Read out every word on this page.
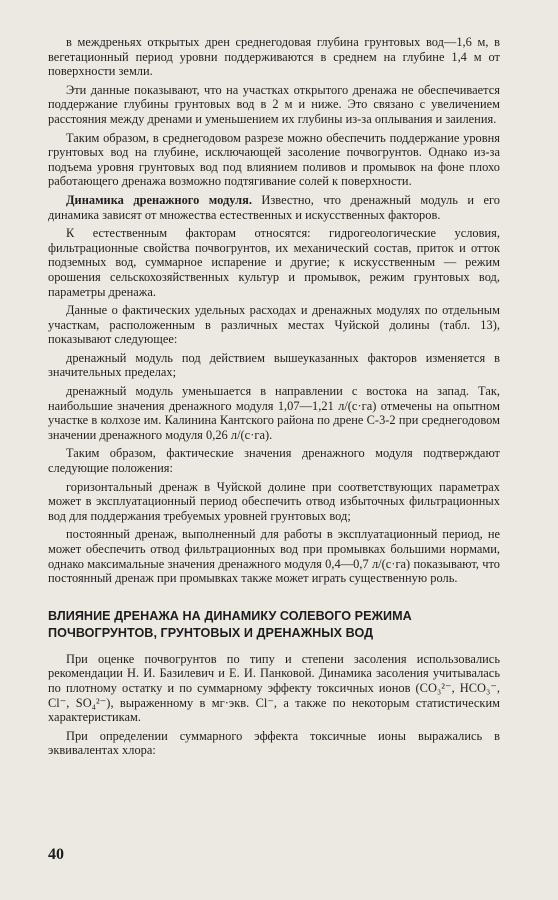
в междреньях открытых дрен среднегодовая глубина грунтовых вод—1,6 м, в вегетационный период уровни поддерживаются в среднем на глубине 1,4 м от поверхности земли.

Эти данные показывают, что на участках открытого дренажа не обеспечивается поддержание глубины грунтовых вод в 2 м и ниже. Это связано с увеличением расстояния между дренами и уменьшением их глубины из-за оплывания и заиления.

Таким образом, в среднегодовом разрезе можно обеспечить поддержание уровня грунтовых вод на глубине, исключающей засоление почвогрунтов. Однако из-за подъема уровня грунтовых вод под влиянием поливов и промывок на фоне плохо работающего дренажа возможно подтягивание солей к поверхности.

Динамика дренажного модуля. Известно, что дренажный модуль и его динамика зависят от множества естественных и искусственных факторов.

К естественным факторам относятся: гидрогеологические условия, фильтрационные свойства почвогрунтов, их механический состав, приток и отток подземных вод, суммарное испарение и другие; к искусственным — режим орошения сельскохозяйственных культур и промывок, режим грунтовых вод, параметры дренажа.

Данные о фактических удельных расходах и дренажных модулях по отдельным участкам, расположенным в различных местах Чуйской долины (табл. 13), показывают следующее:

дренажный модуль под действием вышеуказанных факторов изменяется в значительных пределах;

дренажный модуль уменьшается в направлении с востока на запад. Так, наибольшие значения дренажного модуля 1,07—1,21 л/(с·га) отмечены на опытном участке в колхозе им. Калинина Кантского района по дрене С-3-2 при среднегодовом значении дренажного модуля 0,26 л/(с·га).

Таким образом, фактические значения дренажного модуля подтверждают следующие положения:

горизонтальный дренаж в Чуйской долине при соответствующих параметрах может в эксплуатационный период обеспечить отвод избыточных фильтрационных вод для поддержания требуемых уровней грунтовых вод;

постоянный дренаж, выполненный для работы в эксплуатационный период, не может обеспечить отвод фильтрационных вод при промывках большими нормами, однако максимальные значения дренажного модуля 0,4—0,7 л/(с·га) показывают, что постоянный дренаж при промывках также может играть существенную роль.

ВЛИЯНИЕ ДРЕНАЖА НА ДИНАМИКУ СОЛЕВОГО РЕЖИМА ПОЧВОГРУНТОВ, ГРУНТОВЫХ И ДРЕНАЖНЫХ ВОД

При оценке почвогрунтов по типу и степени засоления использовались рекомендации Н. И. Базилевич и Е. И. Панковой. Динамика засоления учитывалась по плотному остатку и по суммарному эффекту токсичных ионов (CO₃²⁻, HCO₃⁻, Cl⁻, SO₄²⁻), выраженному в мг·экв. Cl⁻, а также по некоторым статистическим характеристикам.

При определении суммарного эффекта токсичные ионы выражались в эквивалентах хлора:

40
